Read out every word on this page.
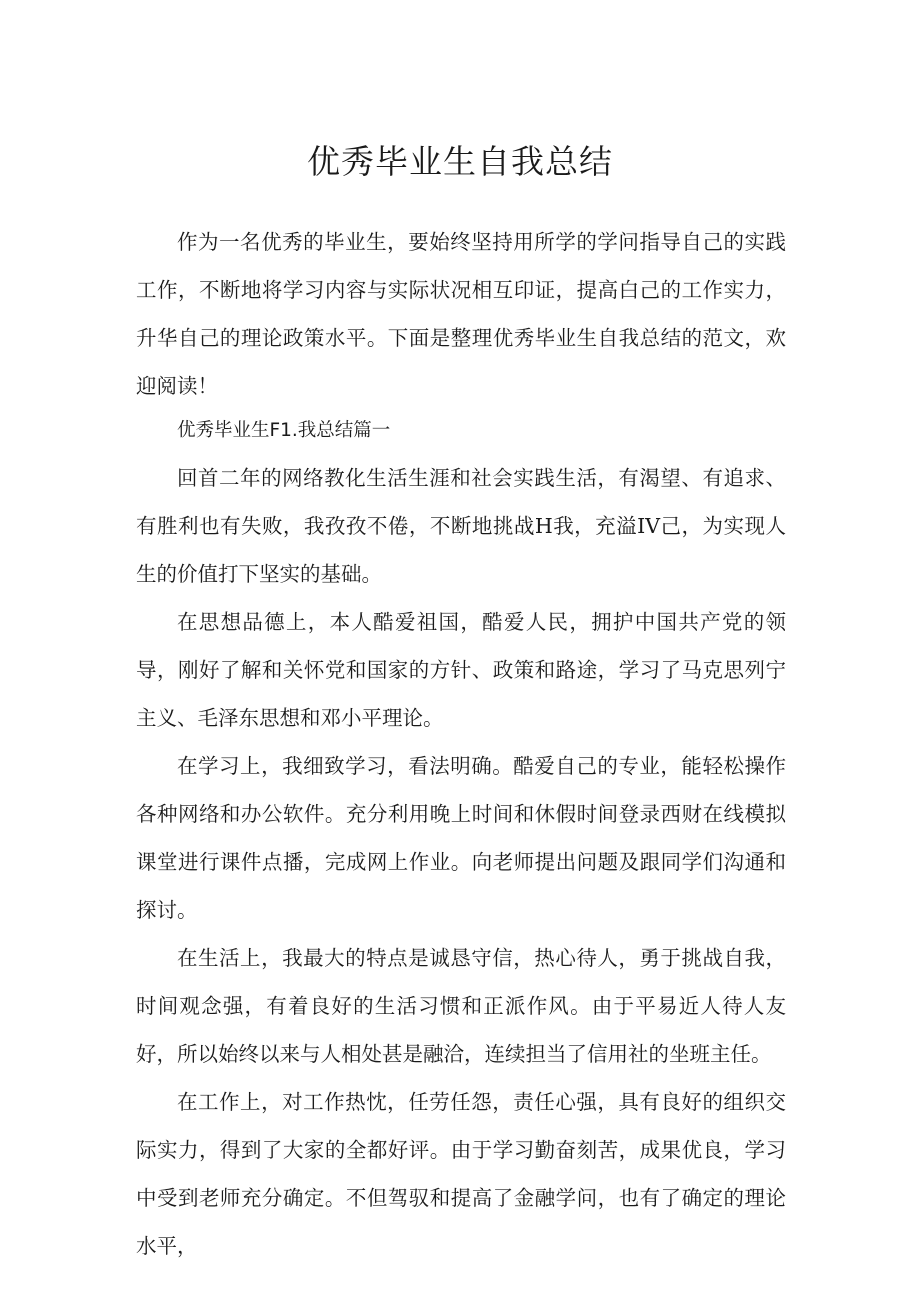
优秀毕业生自我总结

作为一名优秀的毕业生，要始终坚持用所学的学问指导自己的实践工作，不断地将学习内容与实际状况相互印证，提高白己的工作实力，升华自己的理论政策水平。下面是整理优秀毕业生自我总结的范文，欢迎阅读！

优秀毕业生F1.我总结篇一

回首二年的网络教化生活生涯和社会实践生活，有渴望、有追求、有胜利也有失败，我孜孜不倦，不断地挑战H我，充溢IV己，为实现人生的价值打下坚实的基础。

在思想品德上，本人酷爱祖国，酷爱人民，拥护中国共产党的领导，刚好了解和关怀党和国家的方针、政策和路途，学习了马克思列宁主义、毛泽东思想和邓小平理论。

在学习上，我细致学习，看法明确。酷爱自己的专业，能轻松操作各种网络和办公软件。充分利用晚上时间和休假时间登录西财在线模拟课堂进行课件点播，完成网上作业。向老师提出问题及跟同学们沟通和探讨。

在生活上，我最大的特点是诚恳守信，热心待人，勇于挑战自我，时间观念强，有着良好的生活习惯和正派作风。由于平易近人待人友好，所以始终以来与人相处甚是融洽，连续担当了信用社的坐班主任。

在工作上，对工作热忱，任劳任怨，责任心强，具有良好的组织交际实力，得到了大家的全都好评。由于学习勤奋刻苦，成果优良，学习中受到老师充分确定。不但驾驭和提高了金融学问，也有了确定的理论水平，
